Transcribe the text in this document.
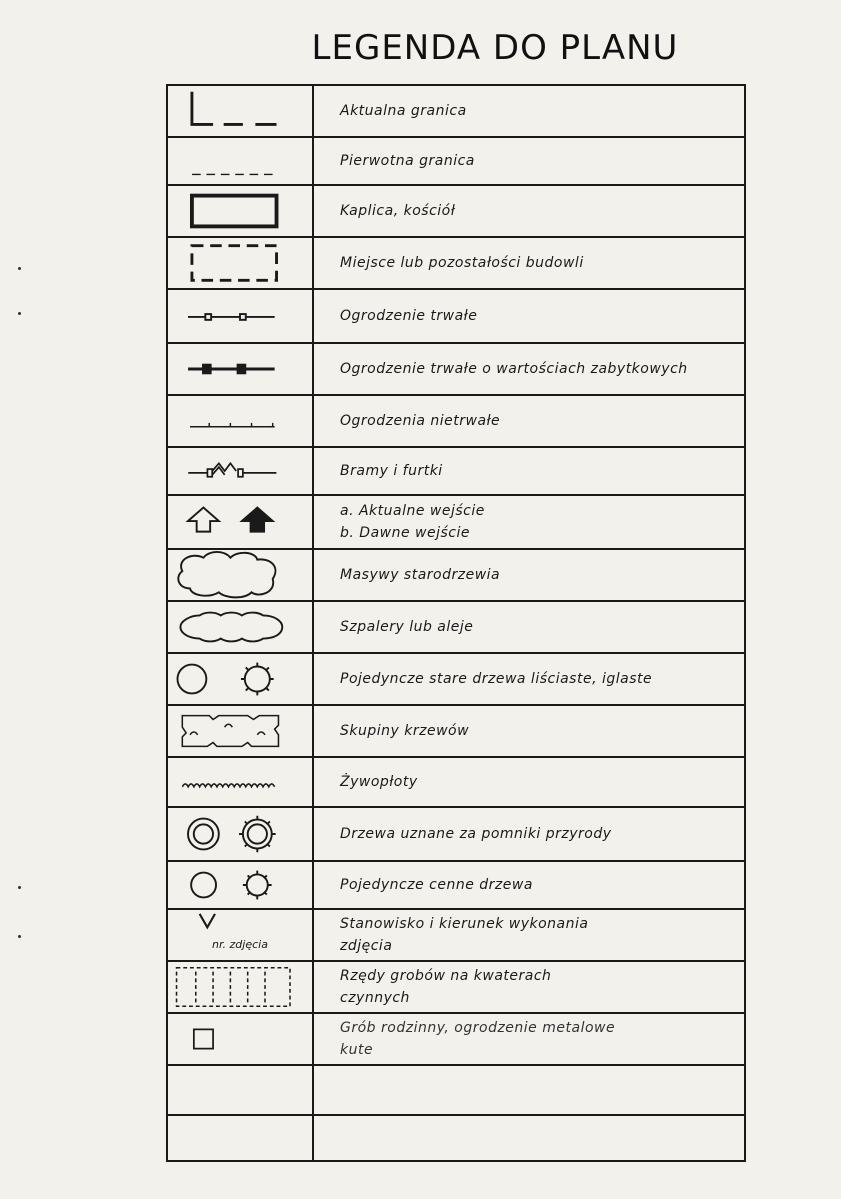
LEGENDA DO PLANU
Aktualna granica
Pierwotna granica
Kaplica, kościół
Miejsce lub pozostałości budowli
Ogrodzenie trwałe
Ogrodzenie trwałe o wartościach zabytkowych
Ogrodzenia nietrwałe
Bramy i furtki
a. Aktualne wejście
b. Dawne wejście
Masywy starodrzewia
Szpalery lub aleje
Pojedyncze stare drzewa liściaste, iglaste
Skupiny krzewów
Żywopłoty
Drzewa uznane za pomniki przyrody
Pojedyncze cenne drzewa
nr. zdjęcia
Stanowisko i kierunek wykonania
zdjęcia
Rzędy grobów na kwaterach
czynnych
Grób rodzinny, ogrodzenie metalowe
kute
